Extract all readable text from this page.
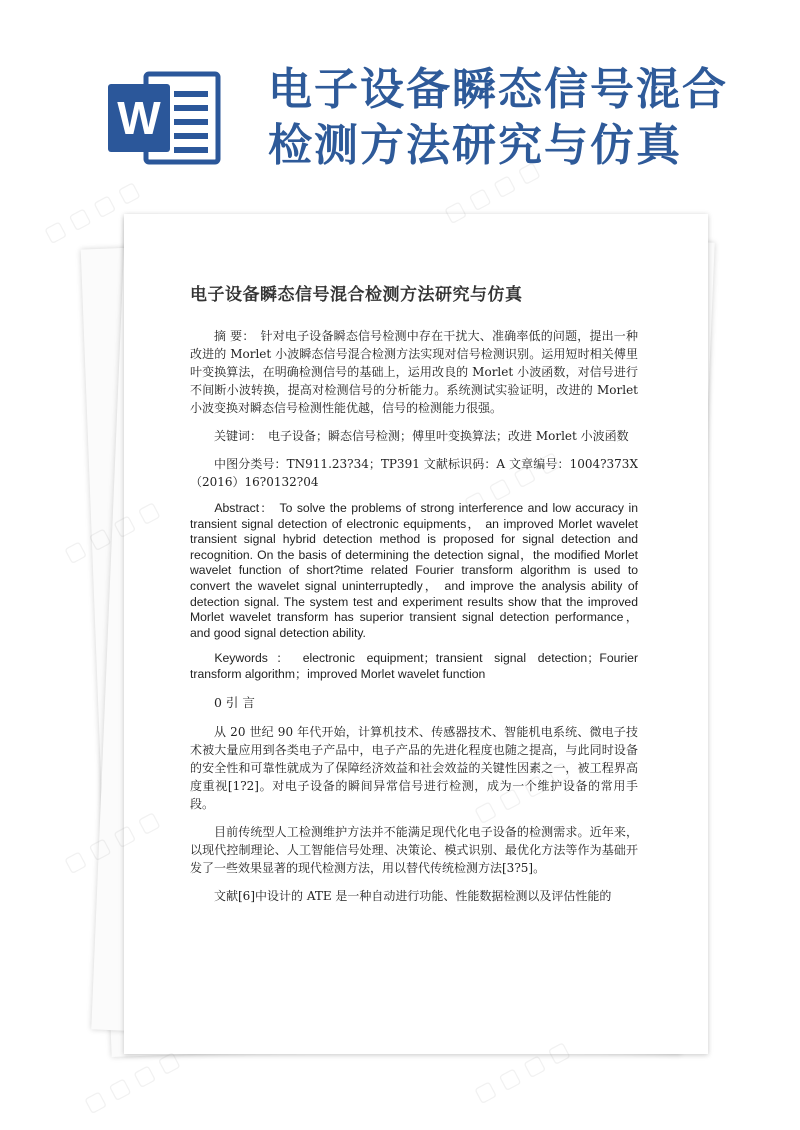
W
电子设备瞬态信号混合
检测方法研究与仿真
电子设备瞬态信号混合检测方法研究与仿真

摘 要： 针对电子设备瞬态信号检测中存在干扰大、准确率低的问题，提出一种改进的 Morlet 小波瞬态信号混合检测方法实现对信号检测识别。运用短时相关傅里叶变换算法，在明确检测信号的基础上，运用改良的 Morlet 小波函数，对信号进行不间断小波转换，提高对检测信号的分析能力。系统测试实验证明，改进的 Morlet 小波变换对瞬态信号检测性能优越，信号的检测能力很强。

关键词： 电子设备；瞬态信号检测；傅里叶变换算法；改进 Morlet 小波函数

中图分类号：TN911.23?34；TP391 文献标识码：A 文章编号：1004?373X（2016）16?0132?04

Abstract： To solve the problems of strong interference and low accuracy in transient signal detection of electronic equipments， an improved Morlet wavelet transient signal hybrid detection method is proposed for signal detection and recognition. On the basis of determining the detection signal，the modified Morlet wavelet function of short?time related Fourier transform algorithm is used to convert the wavelet signal uninterruptedly， and improve the analysis ability of detection signal. The system test and experiment results show that the improved Morlet wavelet transform has superior transient signal detection performance， and good signal detection ability.

Keywords： electronic equipment；transient signal detection；Fourier transform algorithm；improved Morlet wavelet function

0 引 言

从 20 世纪 90 年代开始，计算机技术、传感器技术、智能机电系统、微电子技术被大量应用到各类电子产品中，电子产品的先进化程度也随之提高，与此同时设备的安全性和可靠性就成为了保障经济效益和社会效益的关键性因素之一，被工程界高度重视[1?2]。对电子设备的瞬间异常信号进行检测，成为一个维护设备的常用手段。

目前传统型人工检测维护方法并不能满足现代化电子设备的检测需求。近年来，以现代控制理论、人工智能信号处理、决策论、模式识别、最优化方法等作为基础开发了一些效果显著的现代检测方法，用以替代传统检测方法[3?5]。

文献[6]中设计的 ATE 是一种自动进行功能、性能数据检测以及评估性能的

▢ ▢ ▢ ▢	▢ ▢ ▢ ▢
▢
▢
▢ ▢ ▢ ▢	▢ ▢ ▢ ▢
